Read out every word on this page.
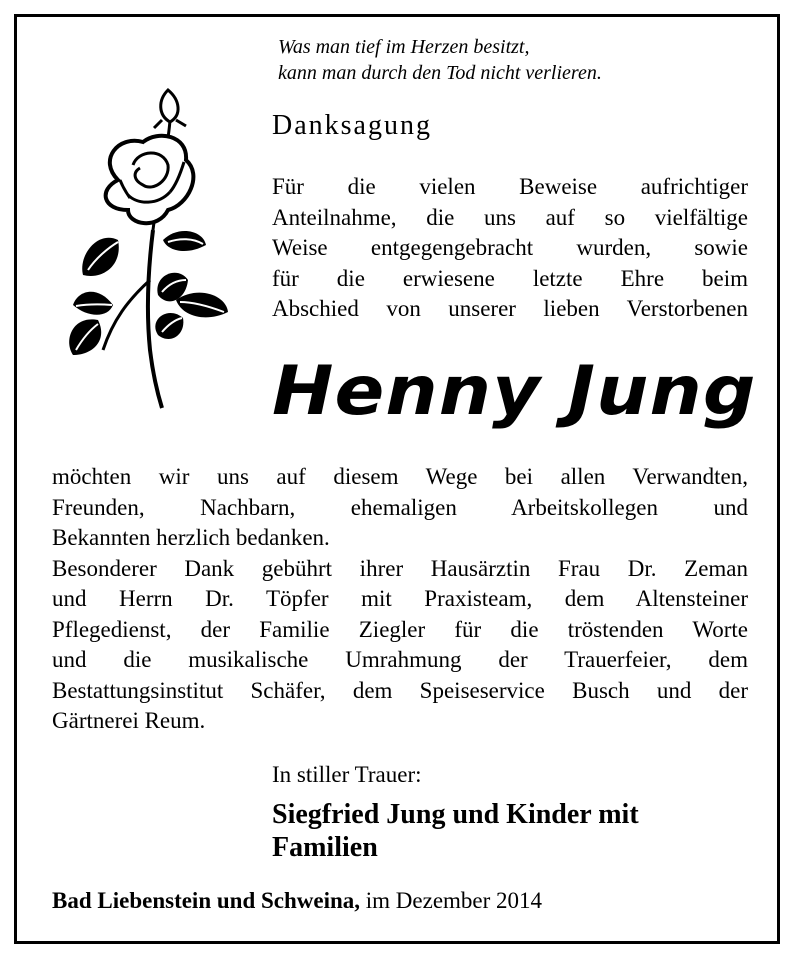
Was man tief im Herzen besitzt,
kann man durch den Tod nicht verlieren.
Danksagung
Für die vielen Beweise aufrichtiger
Anteilnahme, die uns auf so vielfältige
Weise entgegengebracht wurden, sowie
für die erwiesene letzte Ehre beim
Abschied von unserer lieben Verstorbenen
Henny Jung
möchten wir uns auf diesem Wege bei allen Verwandten,
Freunden, Nachbarn, ehemaligen Arbeitskollegen und
Bekannten herzlich bedanken.
Besonderer Dank gebührt ihrer Hausärztin Frau Dr. Zeman
und Herrn Dr. Töpfer mit Praxisteam, dem Altensteiner
Pflegedienst, der Familie Ziegler für die tröstenden Worte
und die musikalische Umrahmung der Trauerfeier, dem
Bestattungsinstitut Schäfer, dem Speiseservice Busch und der
Gärtnerei Reum.
In stiller Trauer:
Siegfried Jung und Kinder mit Familien
Bad Liebenstein und Schweina, im Dezember 2014
